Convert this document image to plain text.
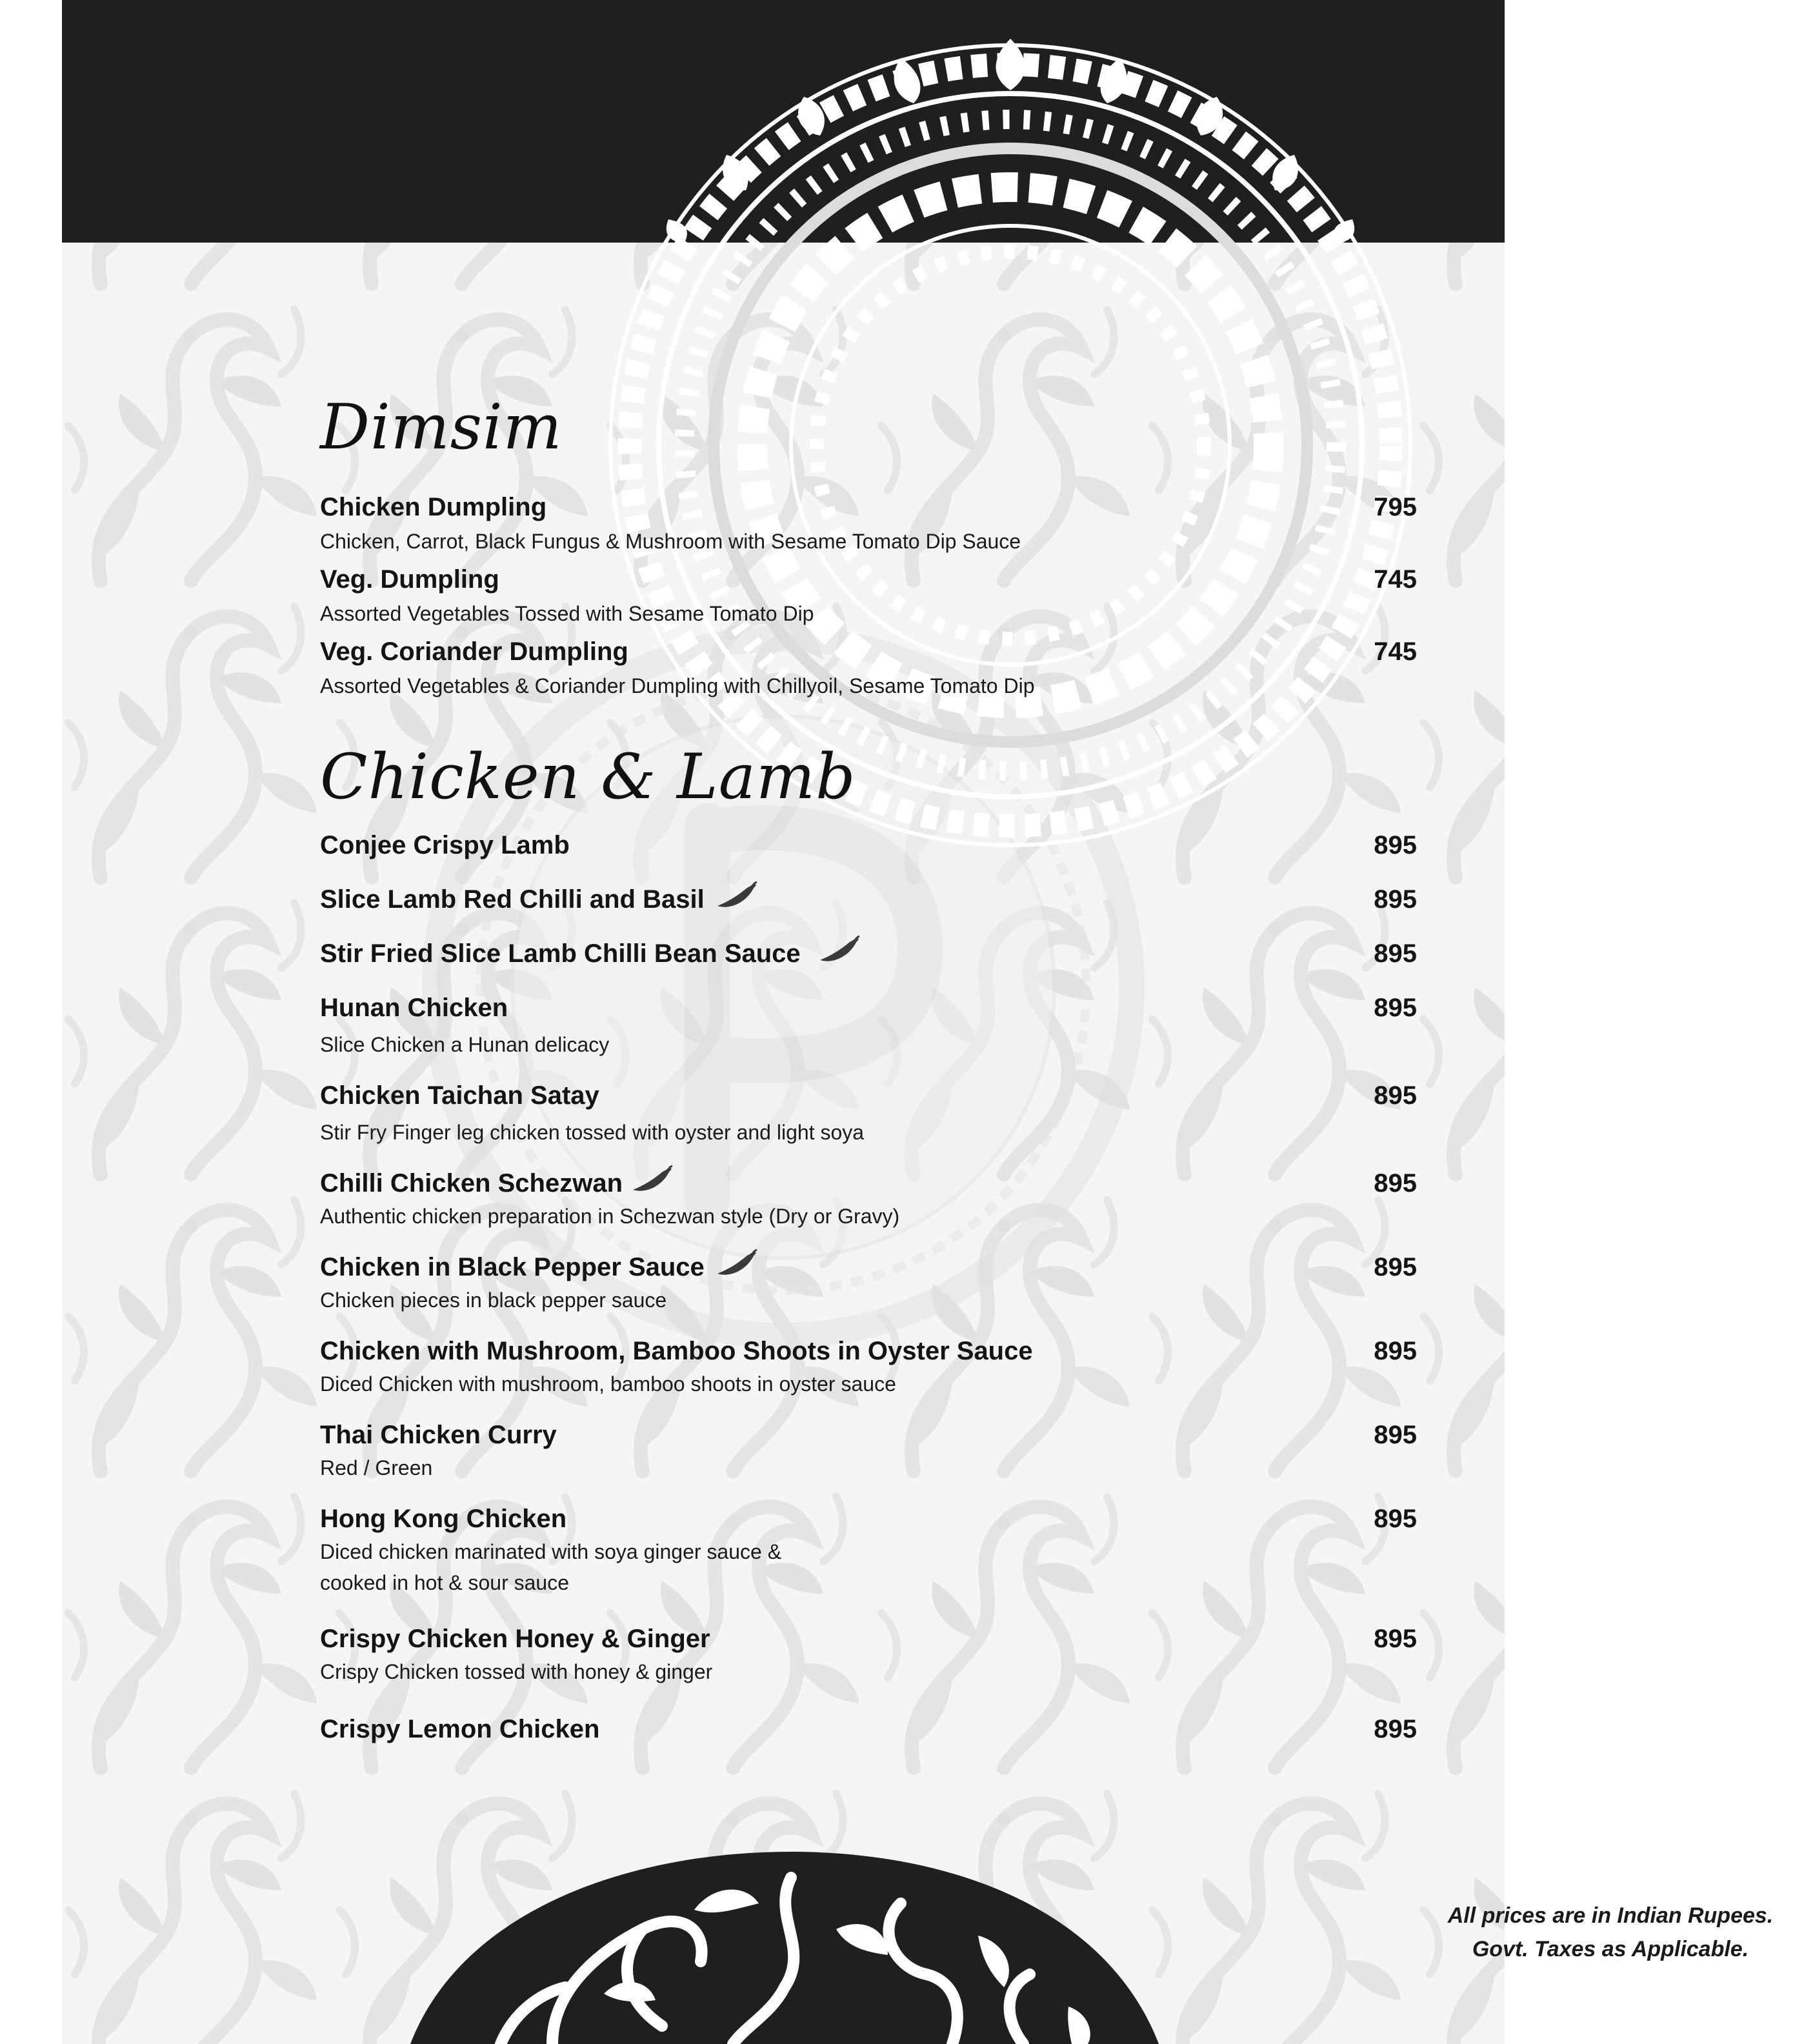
Dimsim
Chicken Dumpling	795
Chicken, Carrot, Black Fungus & Mushroom with Sesame Tomato Dip Sauce
Veg. Dumpling	745
Assorted Vegetables Tossed with Sesame Tomato Dip
Veg. Coriander Dumpling	745
Assorted Vegetables & Coriander Dumpling with Chillyoil, Sesame Tomato Dip
Chicken & Lamb
Conjee Crispy Lamb	895
Slice Lamb Red Chilli and Basil	895
Stir Fried Slice Lamb Chilli Bean Sauce	895
Hunan Chicken	895
Slice Chicken a Hunan delicacy
Chicken Taichan Satay	895
Stir Fry Finger leg chicken tossed with oyster and light soya
Chilli Chicken Schezwan	895
Authentic chicken preparation in Schezwan style (Dry or Gravy)
Chicken in Black Pepper Sauce	895
Chicken pieces in black pepper sauce
Chicken with Mushroom, Bamboo Shoots in Oyster Sauce	895
Diced Chicken with mushroom, bamboo shoots in oyster sauce
Thai Chicken Curry	895
Red / Green
Hong Kong Chicken	895
Diced chicken marinated with soya ginger sauce &
cooked in hot & sour sauce
Crispy Chicken Honey & Ginger	895
Crispy Chicken tossed with honey & ginger
Crispy Lemon Chicken	895
All prices are in Indian Rupees.
Govt. Taxes as Applicable.
